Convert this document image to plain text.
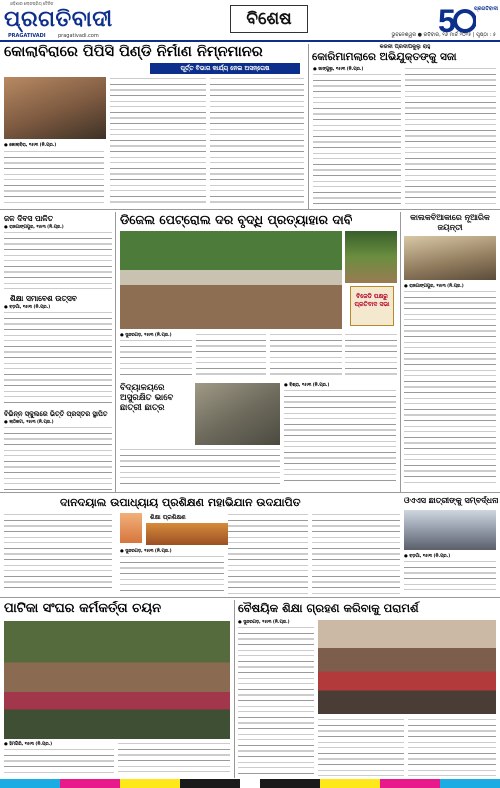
ଓଡ଼ିଶାର ଲୋକପ୍ରିୟ ଦୈନିକ
ପ୍ରଗତିବାଦୀ
PRAGATIVADI pragativadi.com
ବିଶେଷ	5	ପ୍ରଗତିବାଦୀ
ଭୁବନେଶ୍ୱର ● ରବିବାର, ୧୬ ମାର୍ଚ୍ଚ ୨୦୨୫ | ପୃଷ୍ଠା : ୫
କୋଲାବିରାରେ ପିପିସି ପିଣ୍ଡି ନିର୍ମାଣ ନିମ୍ନମାନର
ପୂର୍ତ୍ତ ବିଭାଗ କାର୍ଯ୍ୟ ନେଇ ଅସନ୍ତୋଷ
● କୋଲାବିରା, ୧୫ା୩ (ନି.ପ୍ର.)
କଜଳୀ ପ୍ରଦୀପକୁଲୁ ରାହୁ
କୋରିମାମଲାରେ ଅଭିଯୁକ୍ତଙ୍କୁ ସଜା
● ଜାଙ୍ଗୁଲୁ, ୧୫ା୩ (ନି.ପ୍ର.)
ଜଳ ଦିବସ ପାଳିତ
● ରାଜଗାଙ୍ଗପୁର, ୧୫ା୩ (ନି.ପ୍ର.)
ଶିକ୍ଷା ସମାବେଶ ଉତ୍ସବ
● ବଡ଼ଗାଁ, ୧୫ା୩ (ନି.ପ୍ର.)
ବିଭିନ୍ନ ସ୍କୁଲରେ ଭିତ୍ତି ପ୍ରସ୍ତର ସ୍ଥାପିତ
● ଲାଠିକଟା, ୧୫ା୩ (ନି.ପ୍ର.)
ଡିଜେଲ ପେଟ୍ରୋଲ ଦର ବୃଦ୍ଧି ପ୍ରତ୍ୟାହାର ଦାବି
ବିଜେଡି ପକ୍ଷରୁ ପ୍ରତିବାଦ ସଭା
● ସୁନ୍ଦରଗଡ଼, ୧୫ା୩ (ନି.ପ୍ର.)
ବିଦ୍ୟାଳୟରେ ଅସୁରକ୍ଷିତ ଭାବେ ଛାତ୍ରୀ ଛାତ୍ର
● ବିଶ୍ରା, ୧୫ା୩ (ନି.ପ୍ର.)
କାଲକବିଆକାରେ ନୂଆରିକ ଜୟନ୍ତୀ
● ରାଜଗାଙ୍ଗପୁର, ୧୫ା୩ (ନି.ପ୍ର.)
ଦାନଦୟାଲ ଉପାଧ୍ୟାୟ ପ୍ରଶିକ୍ଷଣ ମହାଭିଯାନ ଉଦଯାପିତ
ଶିକ୍ଷା ପ୍ରଶିକ୍ଷଣ
● ସୁନ୍ଦରଗଡ଼, ୧୫ା୩ (ନି.ପ୍ର.)
ଓଏଏସ ଛାତ୍ରୀଙ୍କୁ ସମ୍ବର୍ଦ୍ଧନା
● ବଡ଼ଗାଁ, ୧୫ା୩ (ନି.ପ୍ର.)
ପାଟିକା ସଂଘର କର୍ମକର୍ତ୍ତା ଚୟନ
● ହିମଗିରି, ୧୫ା୩ (ନି.ପ୍ର.)
ବୈଷୟିକ ଶିକ୍ଷା ଗ୍ରହଣ କରିବାକୁ ପରାମର୍ଶ
● ସୁନ୍ଦରଗଡ଼, ୧୫ା୩ (ନି.ପ୍ର.)
